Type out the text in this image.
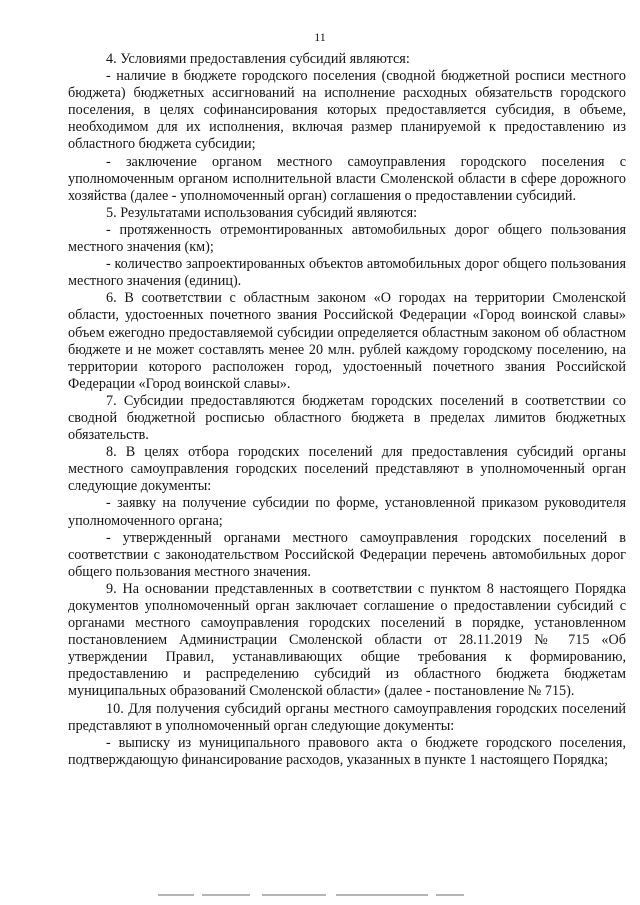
11

4. Условиями предоставления субсидий являются:

- наличие в бюджете городского поселения (сводной бюджетной росписи местного бюджета) бюджетных ассигнований на исполнение расходных обязательств городского поселения, в целях софинансирования которых предоставляется субсидия, в объеме, необходимом для их исполнения, включая размер планируемой к предоставлению из областного бюджета субсидии;

- заключение органом местного самоуправления городского поселения с уполномоченным органом исполнительной власти Смоленской области в сфере дорожного хозяйства (далее - уполномоченный орган) соглашения о предоставлении субсидий.

5. Результатами использования субсидий являются:

- протяженность отремонтированных автомобильных дорог общего пользования местного значения (км);

- количество запроектированных объектов автомобильных дорог общего пользования местного значения (единиц).

6. В соответствии с областным законом «О городах на территории Смоленской области, удостоенных почетного звания Российской Федерации «Город воинской славы» объем ежегодно предоставляемой субсидии определяется областным законом об областном бюджете и не может составлять менее 20 млн. рублей каждому городскому поселению, на территории которого расположен город, удостоенный почетного звания Российской Федерации «Город воинской славы».

7. Субсидии предоставляются бюджетам городских поселений в соответствии со сводной бюджетной росписью областного бюджета в пределах лимитов бюджетных обязательств.

8. В целях отбора городских поселений для предоставления субсидий органы местного самоуправления городских поселений представляют в уполномоченный орган следующие документы:

- заявку на получение субсидии по форме, установленной приказом руководителя уполномоченного органа;

- утвержденный органами местного самоуправления городских поселений в соответствии с законодательством Российской Федерации перечень автомобильных дорог общего пользования местного значения.

9. На основании представленных в соответствии с пунктом 8 настоящего Порядка документов уполномоченный орган заключает соглашение о предоставлении субсидий с органами местного самоуправления городских поселений в порядке, установленном постановлением Администрации Смоленской области от 28.11.2019 № 715 «Об утверждении Правил, устанавливающих общие требования к формированию, предоставлению и распределению субсидий из областного бюджета бюджетам муниципальных образований Смоленской области» (далее - постановление № 715).

10. Для получения субсидий органы местного самоуправления городских поселений представляют в уполномоченный орган следующие документы:

- выписку из муниципального правового акта о бюджете городского поселения, подтверждающую финансирование расходов, указанных в пункте 1 настоящего Порядка;
